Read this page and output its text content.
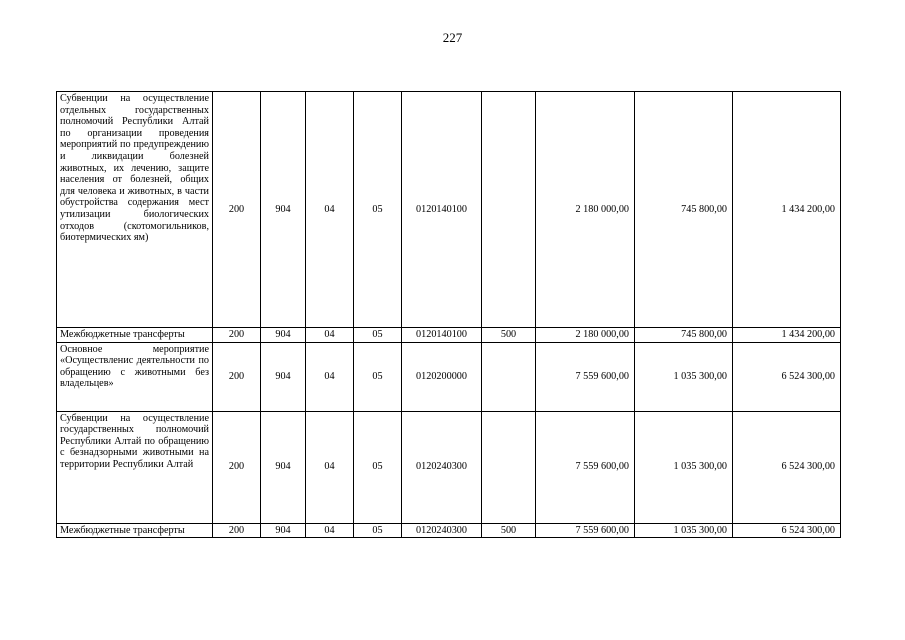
227
Субвенции на осуществление отдельных государственных полномочий Республики Алтай по организации проведения мероприятий по предупреждению и ликвидации болезней животных, их лечению, защите населения от болезней, общих для человека и животных, в части обустройства содержания мест утилизации биологических отходов (скотомогильников, биотермических ям)	200	904	04	05	0120140100		2 180 000,00	745 800,00	1 434 200,00
Межбюджетные трансферты	200	904	04	05	0120140100	500	2 180 000,00	745 800,00	1 434 200,00
Основное мероприятие «Осуществленис деятельности по обращению с животными без владельцев»	200	904	04	05	0120200000		7 559 600,00	1 035 300,00	6 524 300,00
Субвенции на осуществление государственных полномочий Республики Алтай по обращению с безнадзорными животными на территории Республики Алтай	200	904	04	05	0120240300		7 559 600,00	1 035 300,00	6 524 300,00
Межбюджетные трансферты	200	904	04	05	0120240300	500	7 559 600,00	1 035 300,00	6 524 300,00
